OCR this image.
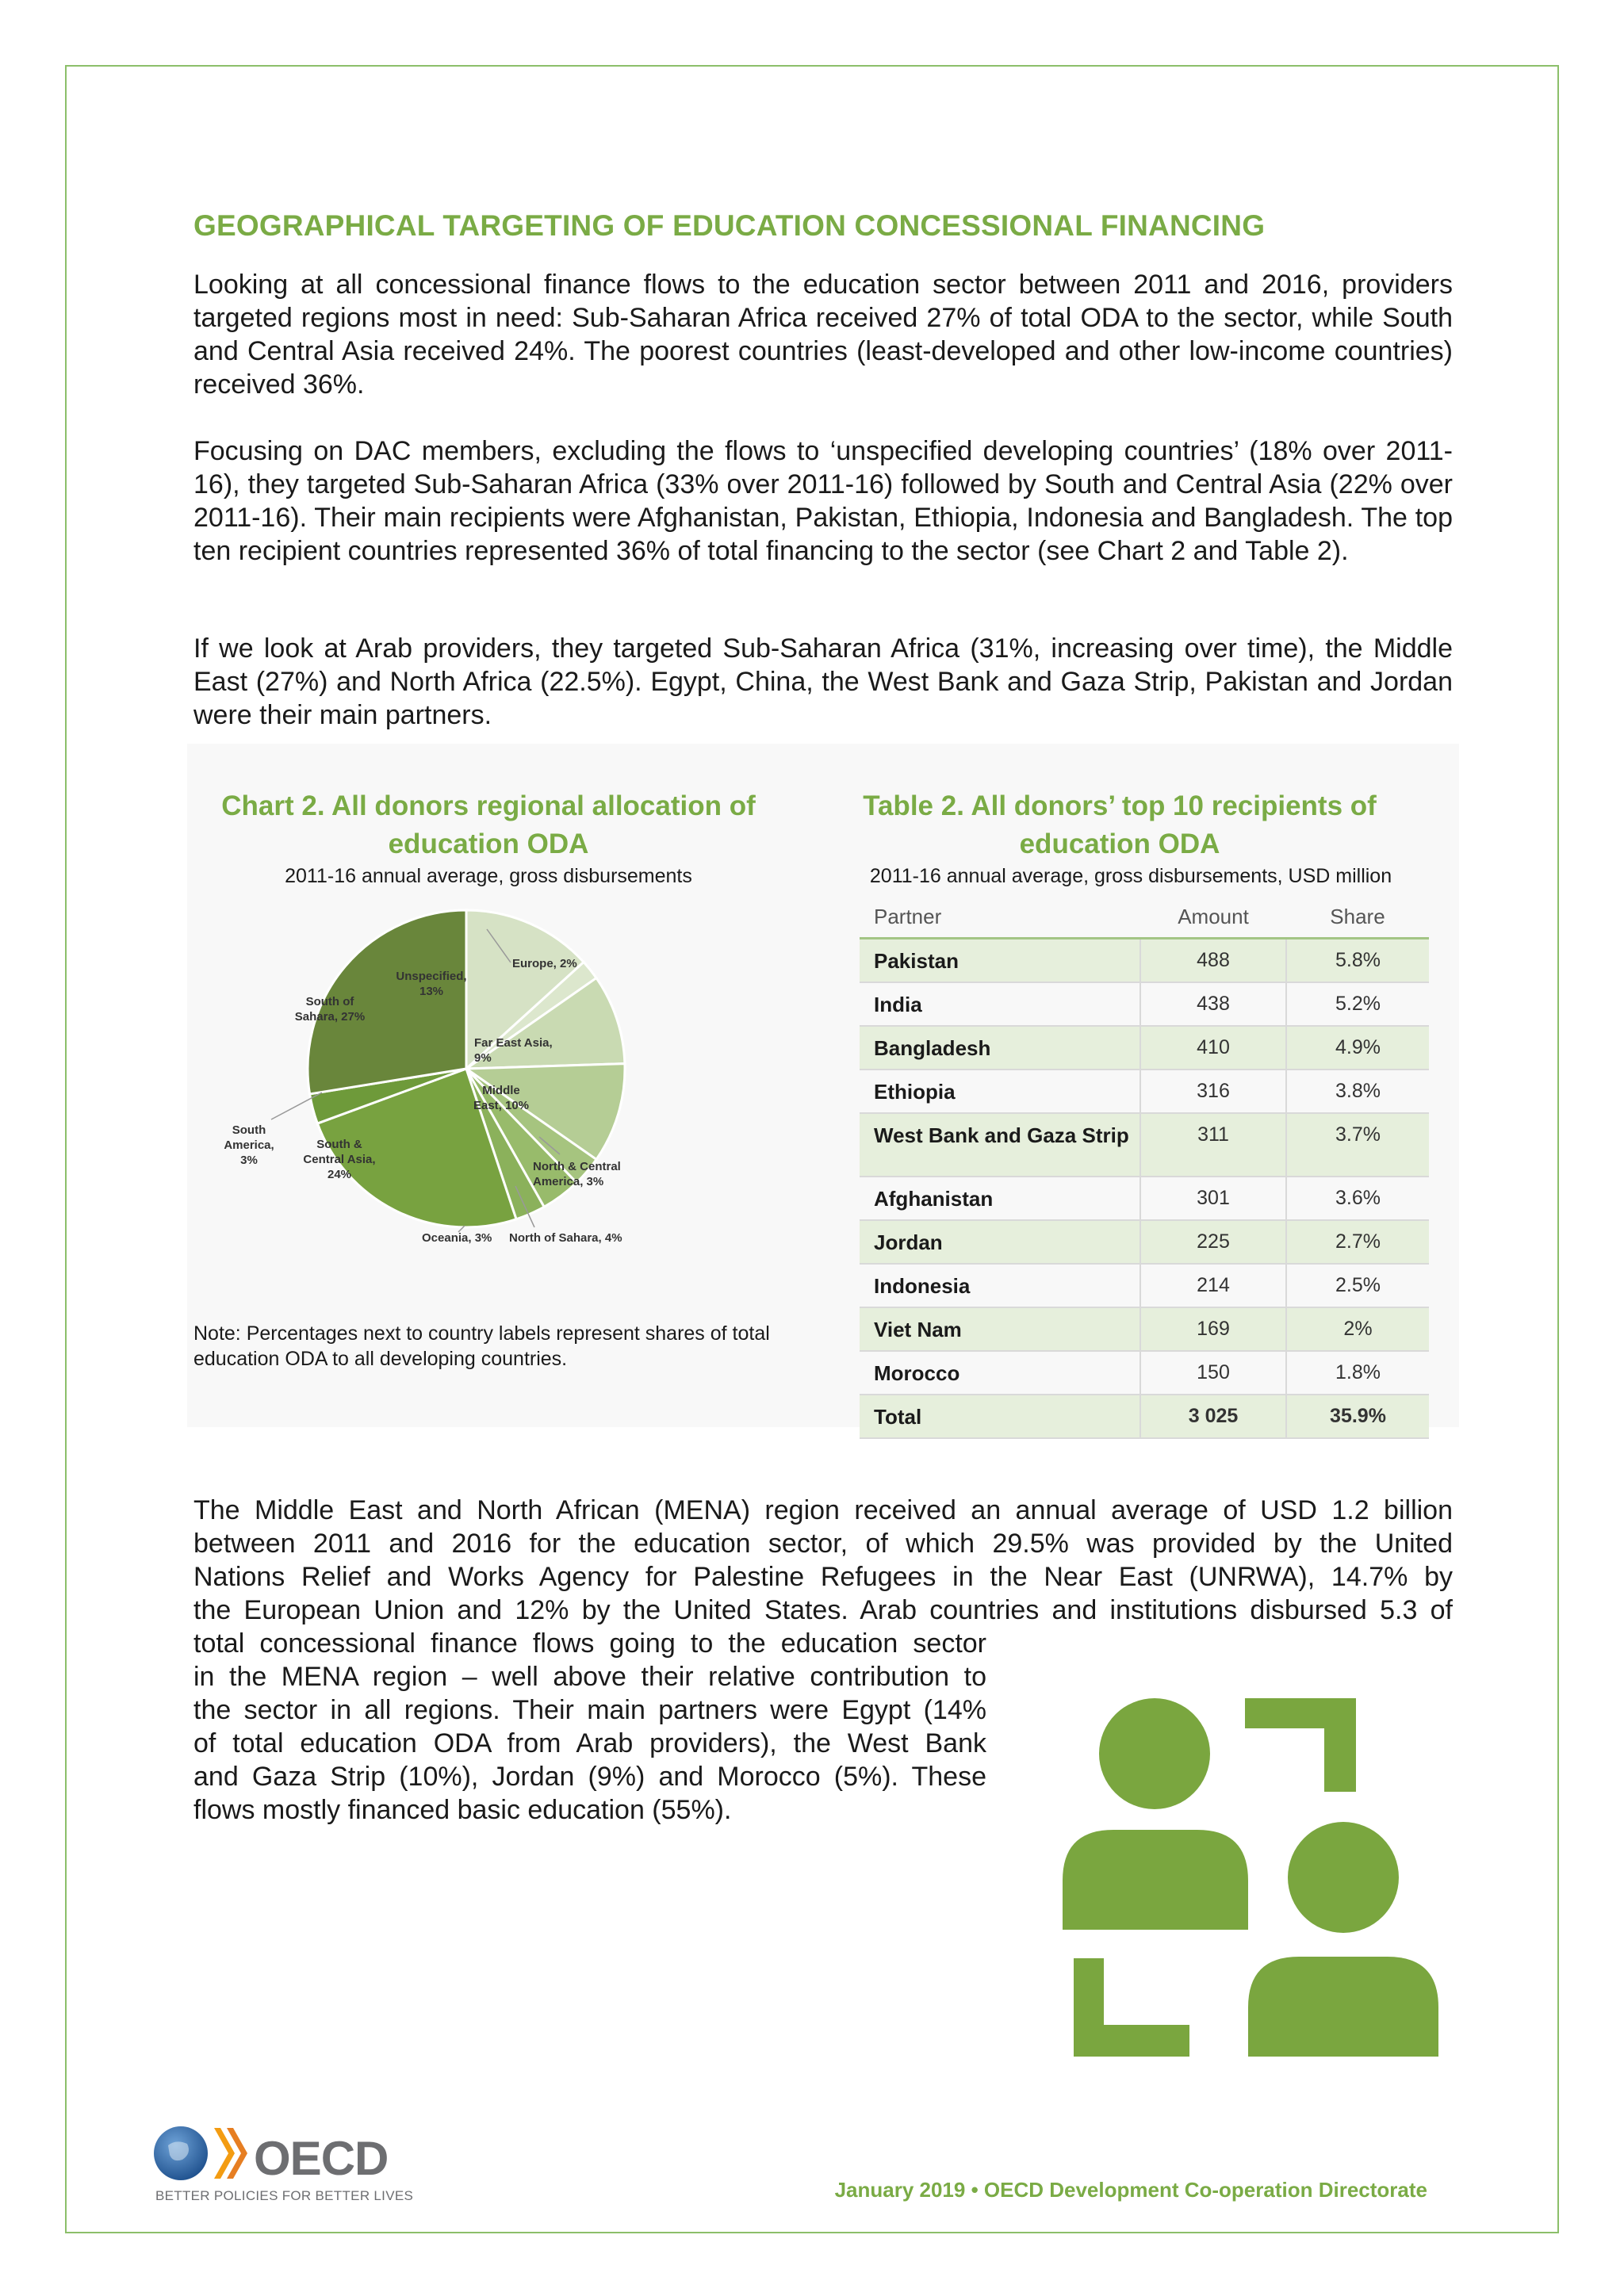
GEOGRAPHICAL TARGETING OF EDUCATION CONCESSIONAL FINANCING

Looking at all concessional finance flows to the education sector between 2011 and 2016, providers targeted regions most in need: Sub-Saharan Africa received 27% of total ODA to the sector, while South and Central Asia received 24%. The poorest countries (least-developed and other low-income countries) received 36%.

Focusing on DAC members, excluding the flows to ‘unspecified developing countries’ (18% over 2011-16), they targeted Sub-Saharan Africa (33% over 2011-16) followed by South and Central Asia (22% over 2011-16). Their main recipients were Afghanistan, Pakistan, Ethiopia, Indonesia and Bangladesh. The top ten recipient countries represented 36% of total financing to the sector (see Chart 2 and Table 2).

If we look at Arab providers, they targeted Sub-Saharan Africa (31%, increasing over time), the Middle East (27%) and North Africa (22.5%). Egypt, China, the West Bank and Gaza Strip, Pakistan and Jordan were their main partners.

Chart 2. All donors regional allocation of education ODA
2011-16 annual average, gross disbursements
Unspecified, 13%
Europe, 2%
Far East Asia, 9%
Middle East, 10%
North & Central America, 3%
North of Sahara, 4%
Oceania, 3%
South & Central Asia, 24%
South America, 3%
South of Sahara, 27%
Note: Percentages next to country labels represent shares of total education ODA to all developing countries.
Table 2. All donors’ top 10 recipients of education ODA
2011-16 annual average, gross disbursements, USD million
Partner	Amount	Share
Pakistan	488	5.8%
India	438	5.2%
Bangladesh	410	4.9%
Ethiopia	316	3.8%
West Bank and Gaza Strip	311	3.7%
Afghanistan	301	3.6%
Jordan	225	2.7%
Indonesia	214	2.5%
Viet Nam	169	2%
Morocco	150	1.8%
Total	3 025	35.9%
The Middle East and North African (MENA) region received an annual average of USD 1.2 billion
between 2011 and 2016 for the education sector, of which 29.5% was provided by the United
Nations Relief and Works Agency for Palestine Refugees in the Near East (UNRWA), 14.7% by
the European Union and 12% by the United States. Arab countries and institutions disbursed 5.3 of
total concessional finance flows going to the education sector
in the MENA region – well above their relative contribution to
the sector in all regions. Their main partners were Egypt (14%
of total education ODA from Arab providers), the West Bank
and Gaza Strip (10%), Jordan (9%) and Morocco (5%). These
flows mostly financed basic education (55%).
OECD
BETTER POLICIES FOR BETTER LIVES	January 2019 • OECD Development Co-operation Directorate
